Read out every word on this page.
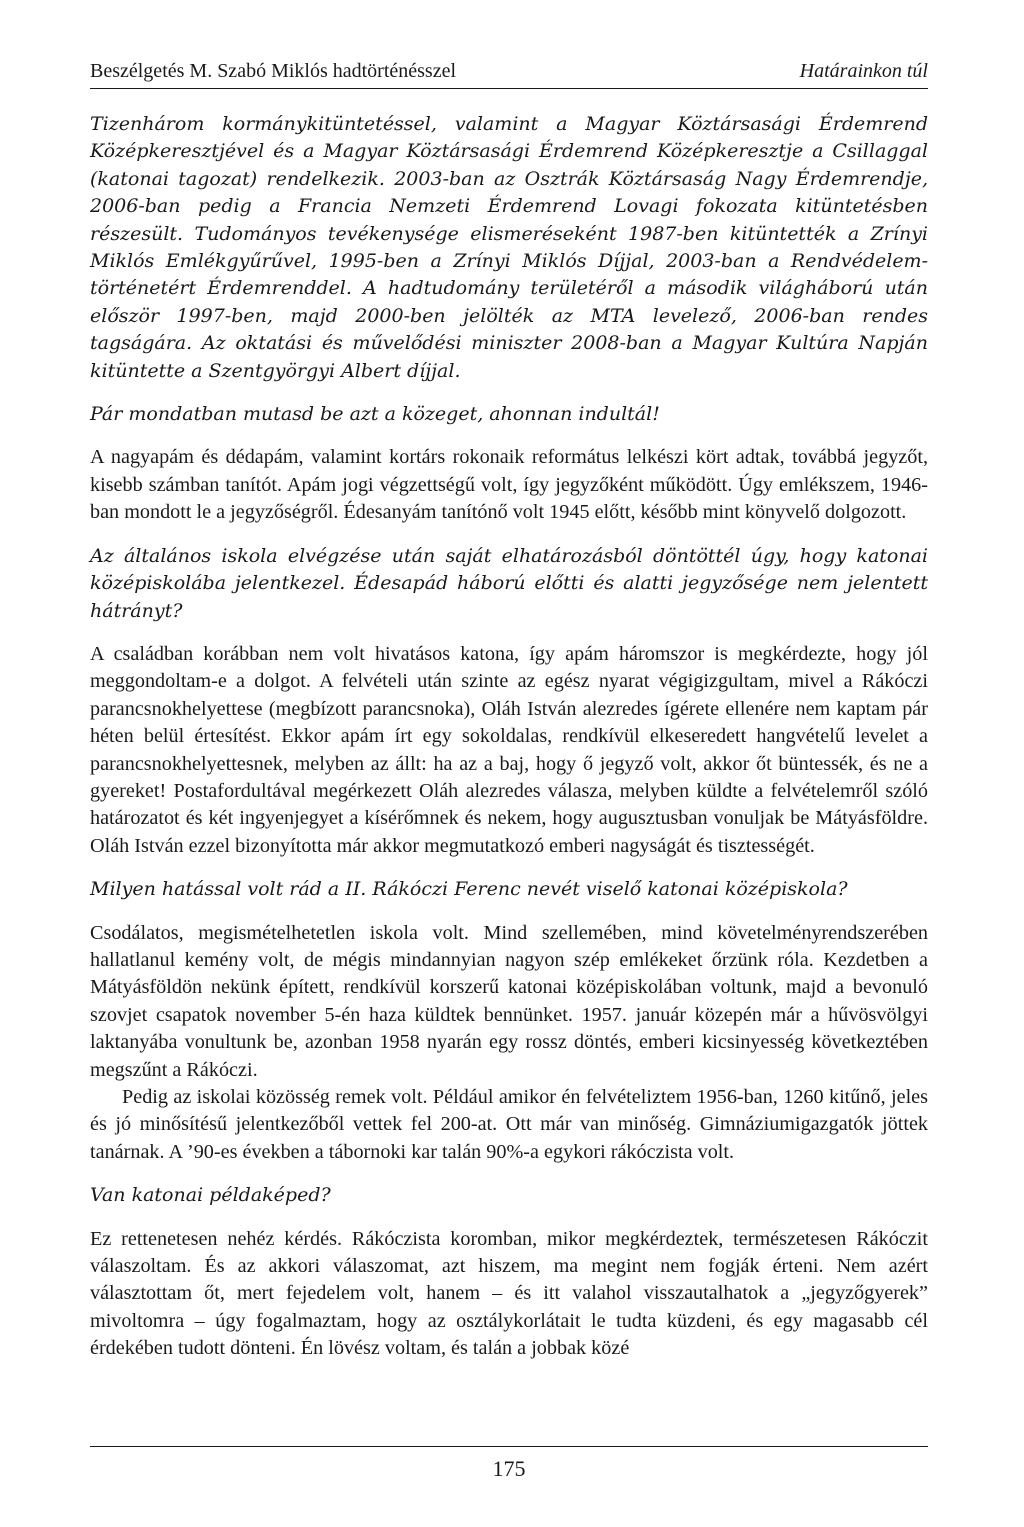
Beszélgetés M. Szabó Miklós hadtörténésszel	Határainkon túl

Tizenhárom kormánykitüntetéssel, valamint a Magyar Köztársasági Érdemrend Középkeresztjével és a Magyar Köztársasági Érdemrend Középkeresztje a Csillaggal (katonai tagozat) rendelkezik. 2003-ban az Osztrák Köztársaság Nagy Érdemrendje, 2006-ban pedig a Francia Nemzeti Érdemrend Lovagi fokozata kitüntetésben részesült. Tudományos tevékenysége elismeréseként 1987-ben kitüntették a Zrínyi Miklós Emlékgyűrűvel, 1995-ben a Zrínyi Miklós Díjjal, 2003-ban a Rendvédelem-történetért Érdemrenddel. A hadtudomány területéről a második világháború után először 1997-ben, majd 2000-ben jelölték az MTA levelező, 2006-ban rendes tagságára. Az oktatási és művelődési miniszter 2008-ban a Magyar Kultúra Napján kitüntette a Szentgyörgyi Albert díjjal.

Pár mondatban mutasd be azt a közeget, ahonnan indultál!

A nagyapám és dédapám, valamint kortárs rokonaik református lelkészi kört adtak, továbbá jegyzőt, kisebb számban tanítót. Apám jogi végzettségű volt, így jegyzőként működött. Úgy emlékszem, 1946-ban mondott le a jegyzőségről. Édesanyám tanítónő volt 1945 előtt, később mint könyvelő dolgozott.

Az általános iskola elvégzése után saját elhatározásból döntöttél úgy, hogy katonai középiskolába jelentkezel. Édesapád háború előtti és alatti jegyzősége nem jelentett hátrányt?

A családban korábban nem volt hivatásos katona, így apám háromszor is megkérdezte, hogy jól meggondoltam-e a dolgot. A felvételi után szinte az egész nyarat végigizgultam, mivel a Rákóczi parancsnokhelyettese (megbízott parancsnoka), Oláh István alezredes ígérete ellenére nem kaptam pár héten belül értesítést. Ekkor apám írt egy sokoldalas, rendkívül elkeseredett hangvételű levelet a parancsnokhelyettesnek, melyben az állt: ha az a baj, hogy ő jegyző volt, akkor őt büntessék, és ne a gyereket! Postafordultával megérkezett Oláh alezredes válasza, melyben küldte a felvételemről szóló határozatot és két ingyenjegyet a kísérőmnek és nekem, hogy augusztusban vonuljak be Mátyásföldre. Oláh István ezzel bizonyította már akkor megmutatkozó emberi nagyságát és tisztességét.

Milyen hatással volt rád a II. Rákóczi Ferenc nevét viselő katonai középiskola?

Csodálatos, megismételhetetlen iskola volt. Mind szellemében, mind követelményrendszerében hallatlanul kemény volt, de mégis mindannyian nagyon szép emlékeket őrzünk róla. Kezdetben a Mátyásföldön nekünk épített, rendkívül korszerű katonai középiskolában voltunk, majd a bevonuló szovjet csapatok november 5-én haza küldtek bennünket. 1957. január közepén már a hűvösvölgyi laktanyába vonultunk be, azonban 1958 nyarán egy rossz döntés, emberi kicsinyesség következtében megszűnt a Rákóczi.

Pedig az iskolai közösség remek volt. Például amikor én felvételiztem 1956-ban, 1260 kitűnő, jeles és jó minősítésű jelentkezőből vettek fel 200-at. Ott már van minőség. Gimnáziumigazgatók jöttek tanárnak. A ’90-es években a tábornoki kar talán 90%-a egykori rákóczista volt.

Van katonai példaképed?

Ez rettenetesen nehéz kérdés. Rákóczista koromban, mikor megkérdeztek, természetesen Rákóczit válaszoltam. És az akkori válaszomat, azt hiszem, ma megint nem fogják érteni. Nem azért választottam őt, mert fejedelem volt, hanem – és itt valahol visszautalhatok a „jegyzőgyerek” mivoltomra – úgy fogalmaztam, hogy az osztálykorlátait le tudta küzdeni, és egy magasabb cél érdekében tudott dönteni. Én lövész voltam, és talán a jobbak közé

175
